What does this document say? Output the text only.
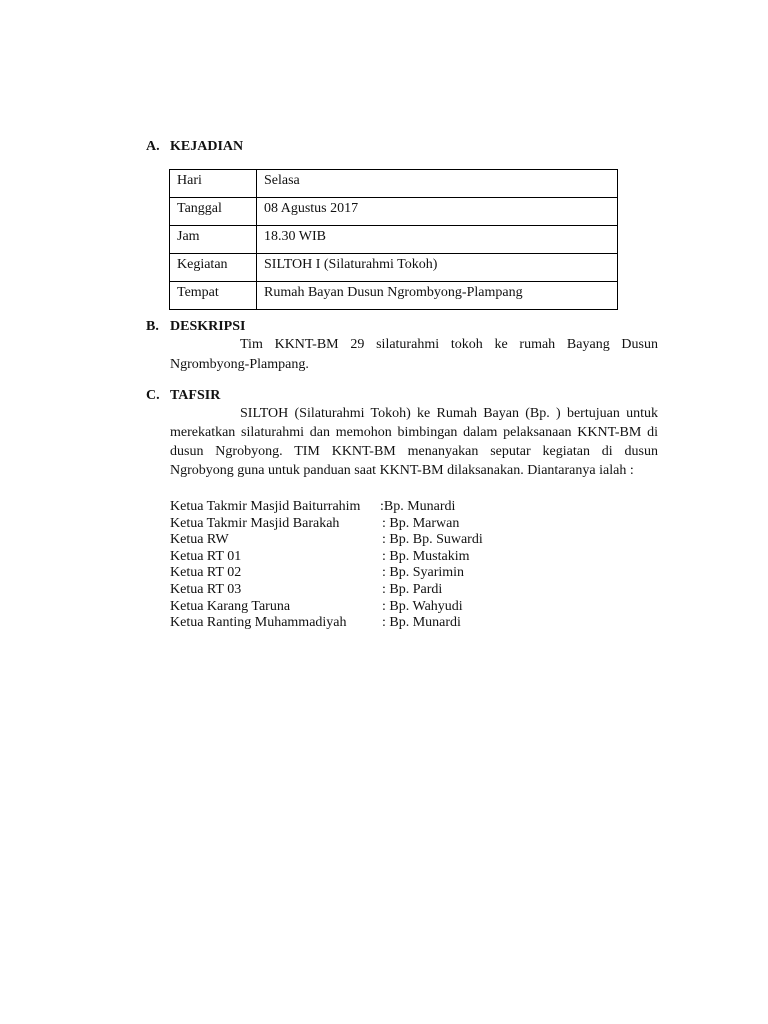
A. KEJADIAN
Hari	Selasa
Tanggal	08 Agustus 2017
Jam	18.30 WIB
Kegiatan	SILTOH I (Silaturahmi Tokoh)
Tempat	Rumah Bayan Dusun Ngrombyong-Plampang
B. DESKRIPSI
Tim KKNT-BM 29 silaturahmi tokoh ke rumah Bayang Dusun Ngrombyong-Plampang.
C. TAFSIR
SILTOH (Silaturahmi Tokoh) ke Rumah Bayan (Bp. ) bertujuan untuk merekatkan silaturahmi dan memohon bimbingan dalam pelaksanaan KKNT-BM di dusun Ngrobyong. TIM KKNT-BM menanyakan seputar kegiatan di dusun Ngrobyong guna untuk panduan saat KKNT-BM dilaksanakan. Diantaranya ialah :
Ketua Takmir Masjid Baiturrahim	:Bp. Munardi
Ketua Takmir Masjid Barakah	: Bp. Marwan
Ketua RW	: Bp. Bp. Suwardi
Ketua RT 01	: Bp. Mustakim
Ketua RT 02	: Bp. Syarimin
Ketua RT 03	: Bp. Pardi
Ketua Karang Taruna	: Bp. Wahyudi
Ketua Ranting Muhammadiyah	: Bp. Munardi
